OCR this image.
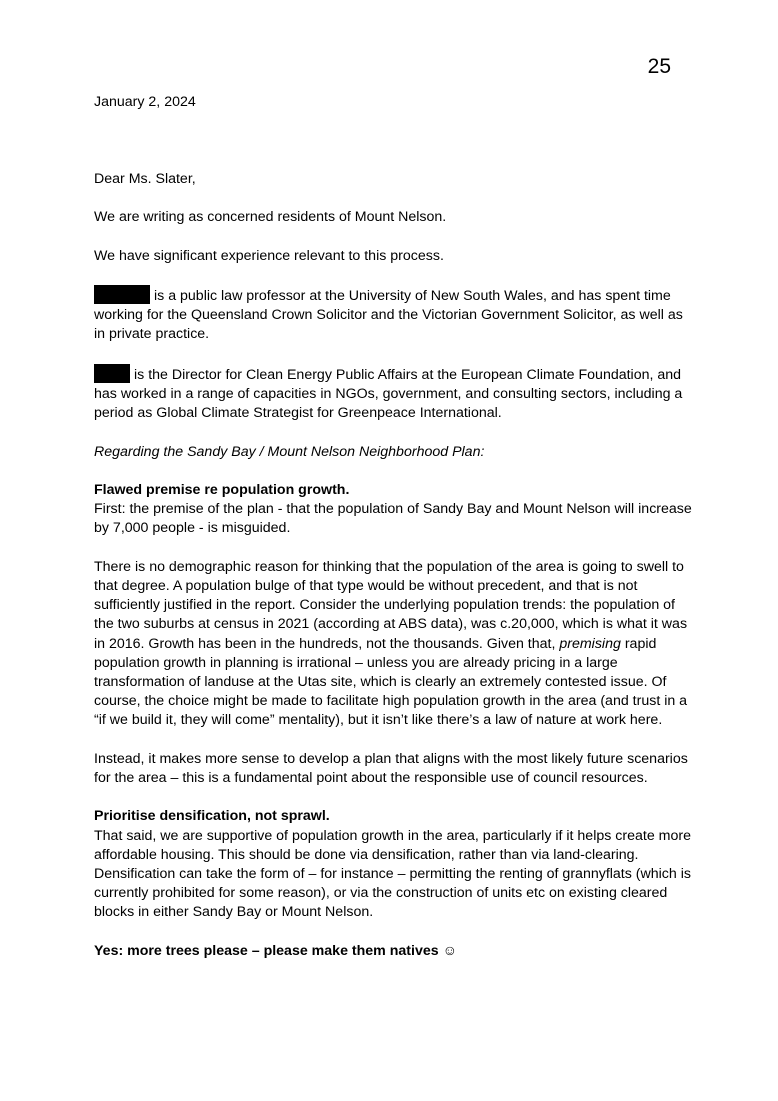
25

January 2, 2024

Dear Ms. Slater,

We are writing as concerned residents of Mount Nelson.

We have significant experience relevant to this process.

is a public law professor at the University of New South Wales, and has spent time working for the Queensland Crown Solicitor and the Victorian Government Solicitor, as well as in private practice.

is the Director for Clean Energy Public Affairs at the European Climate Foundation, and has worked in a range of capacities in NGOs, government, and consulting sectors, including a period as Global Climate Strategist for Greenpeace International.

Regarding the Sandy Bay / Mount Nelson Neighborhood Plan:

Flawed premise re population growth.
First: the premise of the plan - that the population of Sandy Bay and Mount Nelson will increase by 7,000 people - is misguided.

There is no demographic reason for thinking that the population of the area is going to swell to that degree. A population bulge of that type would be without precedent, and that is not sufficiently justified in the report. Consider the underlying population trends: the population of the two suburbs at census in 2021 (according at ABS data), was c.20,000, which is what it was in 2016. Growth has been in the hundreds, not the thousands. Given that, premising rapid population growth in planning is irrational – unless you are already pricing in a large transformation of landuse at the Utas site, which is clearly an extremely contested issue. Of course, the choice might be made to facilitate high population growth in the area (and trust in a “if we build it, they will come” mentality), but it isn’t like there’s a law of nature at work here.

Instead, it makes more sense to develop a plan that aligns with the most likely future scenarios for the area – this is a fundamental point about the responsible use of council resources.

Prioritise densification, not sprawl.
That said, we are supportive of population growth in the area, particularly if it helps create more affordable housing. This should be done via densification, rather than via land-clearing. Densification can take the form of – for instance – permitting the renting of grannyflats (which is currently prohibited for some reason), or via the construction of units etc on existing cleared blocks in either Sandy Bay or Mount Nelson.

Yes: more trees please – please make them natives ☺
